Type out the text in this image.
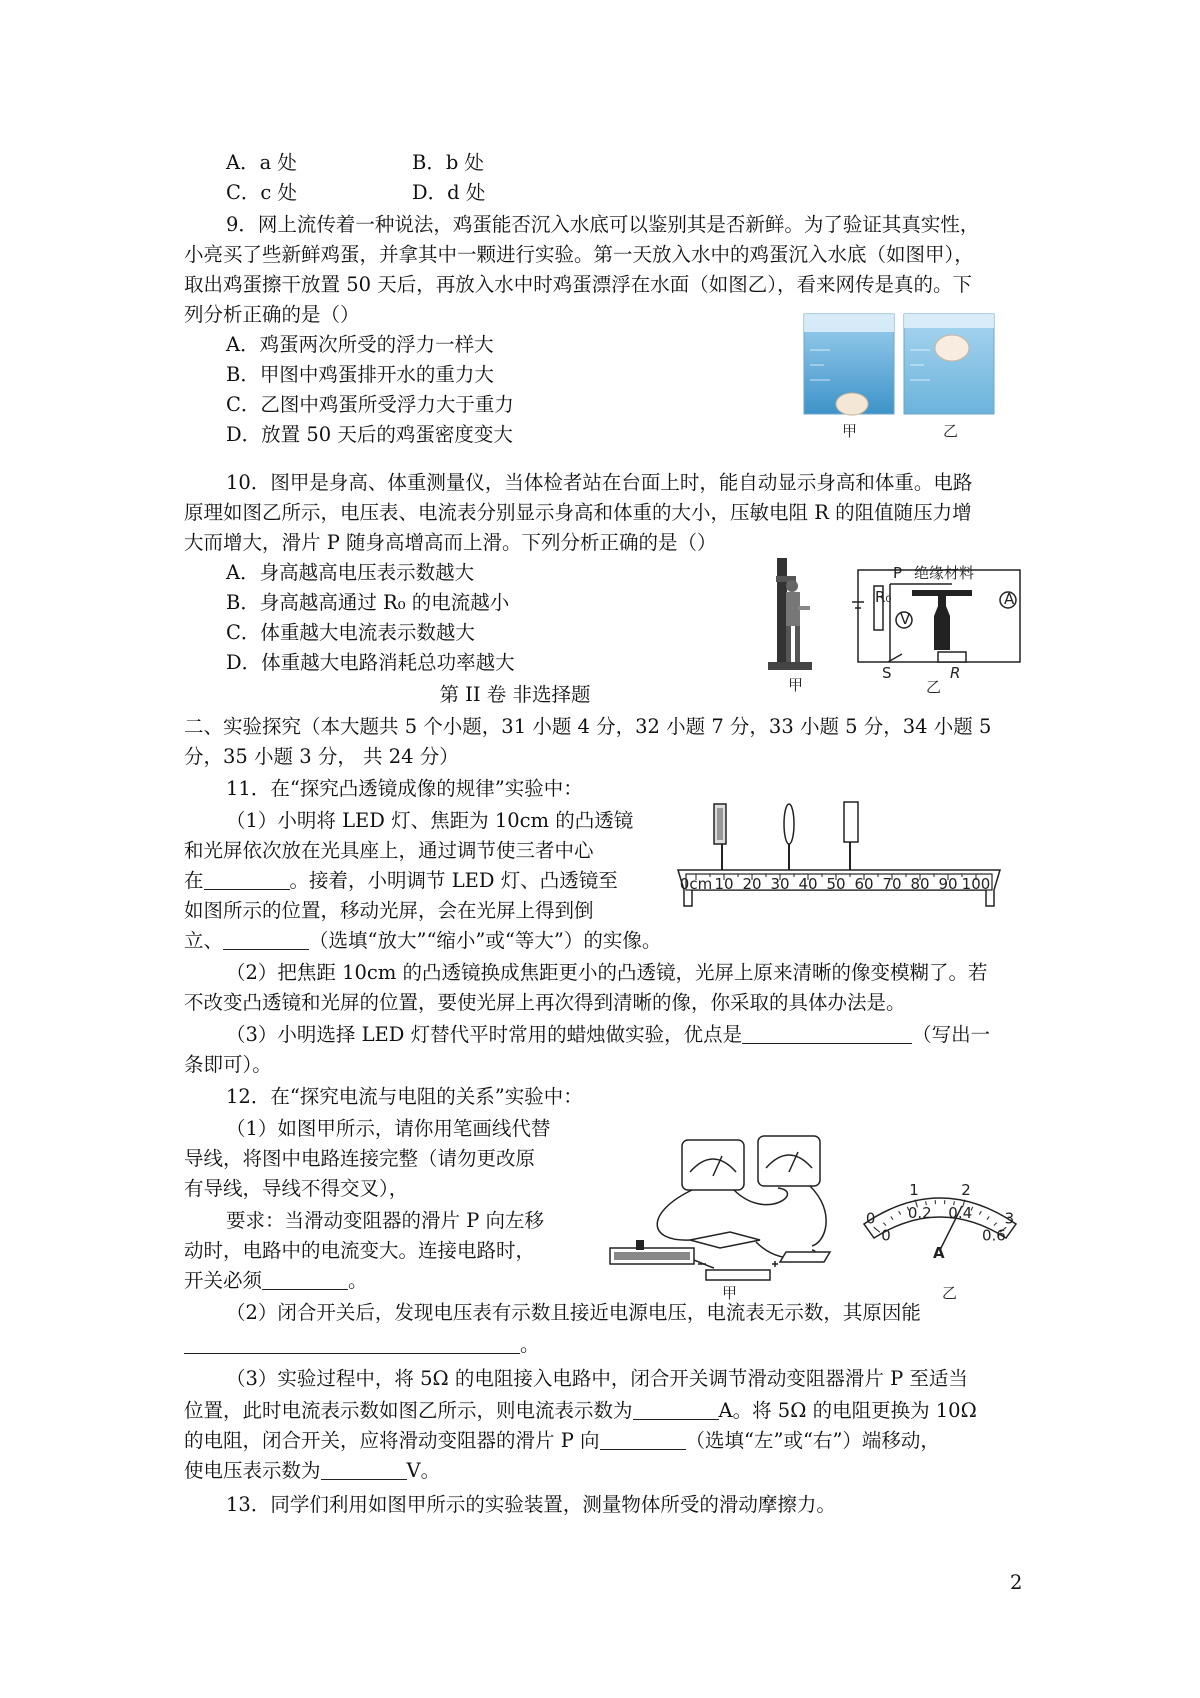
A．a 处	B．b 处
C．c 处	D．d 处
9．网上流传着一种说法，鸡蛋能否沉入水底可以鉴别其是否新鲜。为了验证其真实性，
小亮买了些新鲜鸡蛋，并拿其中一颗进行实验。第一天放入水中的鸡蛋沉入水底（如图甲），
取出鸡蛋擦干放置 50 天后，再放入水中时鸡蛋漂浮在水面（如图乙），看来网传是真的。下
列分析正确的是（）
A．鸡蛋两次所受的浮力一样大
B．甲图中鸡蛋排开水的重力大
C．乙图中鸡蛋所受浮力大于重力
D．放置 50 天后的鸡蛋密度变大	甲	乙
10．图甲是身高、体重测量仪，当体检者站在台面上时，能自动显示身高和体重。电路
原理如图乙所示，电压表、电流表分别显示身高和体重的大小，压敏电阻 R 的阻值随压力增
大而增大，滑片 P 随身高增高而上滑。下列分析正确的是（）
A．身高越高电压表示数越大
B．身高越高通过 R₀ 的电流越小
C．体重越大电流表示数越大
D．体重越大电路消耗总功率越大
甲
R₀
P 绝缘材料
V
A
S	R
乙
第 II 卷 非选择题
二、实验探究（本大题共 5 个小题，31 小题 4 分，32 小题 7 分，33 小题 5 分，34 小题 5
分，35 小题 3 分， 共 24 分）
11．在“探究凸透镜成像的规律”实验中：
（1）小明将 LED 灯、焦距为 10cm 的凸透镜
和光屏依次放在光具座上，通过调节使三者中心
在	。接着，小明调节 LED 灯、凸透镜至
如图所示的位置，移动光屏，会在光屏上得到倒
立、	（选填“放大”“缩小”或“等大”）的实像。
（2）把焦距 10cm 的凸透镜换成焦距更小的凸透镜，光屏上原来清晰的像变模糊了。若
不改变凸透镜和光屏的位置，要使光屏上再次得到清晰的像，你采取的具体办法是。
（3）小明选择 LED 灯替代平时常用的蜡烛做实验，优点是	（写出一
条即可）。
0cm 10 20 30 40 50 60 70 80 90 100
12．在“探究电流与电阻的关系”实验中：
（1）如图甲所示，请你用笔画线代替
导线，将图中电路连接完整（请勿更改原
有导线，导线不得交叉），
要求：当滑动变阻器的滑片 P 向左移
动时，电路中的电流变大。连接电路时，
开关必须	。
（2）闭合开关后，发现电压表有示数且接近电源电压，电流表无示数，其原因能
。
（3）实验过程中，将 5Ω 的电阻接入电路中，闭合开关调节滑动变阻器滑片 P 至适当
位置，此时电流表示数如图乙所示，则电流表示数为	A。将 5Ω 的电阻更换为 10Ω
的电阻，闭合开关，应将滑动变阻器的滑片 P 向	（选填“左”或“右”）端移动，
使电压表示数为	V。
甲
0
1	2
3
0
0.2 0.4
0.6
A
乙
13．同学们利用如图甲所示的实验装置，测量物体所受的滑动摩擦力。
2
